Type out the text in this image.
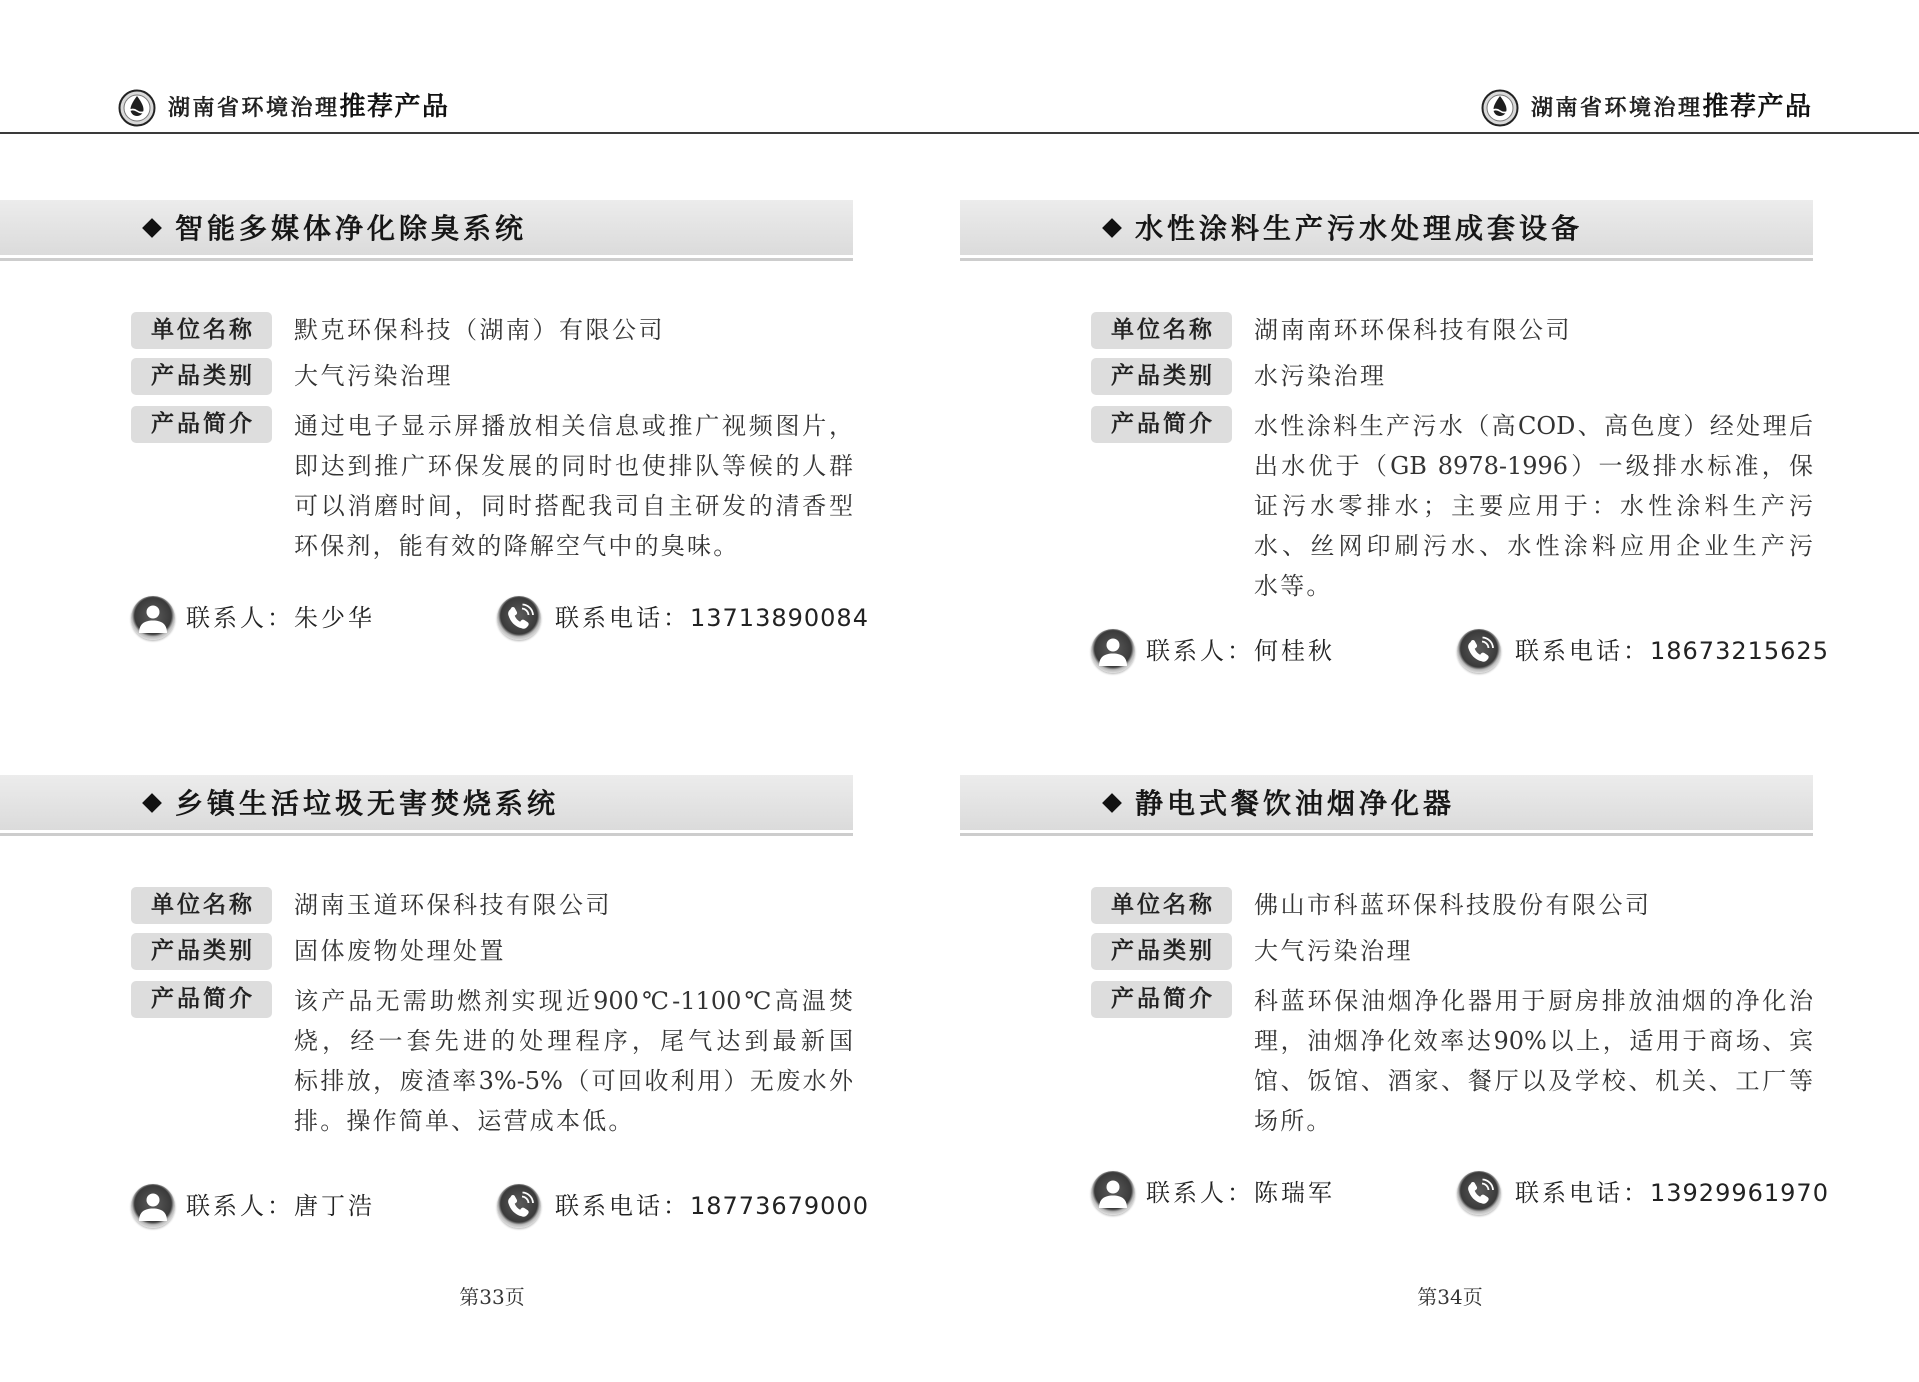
湖南省环境治理推荐产品	湖南省环境治理推荐产品
智能多媒体净化除臭系统
单位名称	默克环保科技（湖南）有限公司
产品类别	大气污染治理
产品简介	通过电子显示屏播放相关信息或推广视频图片，
即达到推广环保发展的同时也使排队等候的人群
可以消磨时间，同时搭配我司自主研发的清香型
环保剂，能有效的降解空气中的臭味。
联系人：朱少华	联系电话：13713890084
水性涂料生产污水处理成套设备
单位名称	湖南南环环保科技有限公司
产品类别	水污染治理
产品简介	水性涂料生产污水（高COD、高色度）经处理后
出水优于（GB 8978-1996）一级排水标准，保
证污水零排水；主要应用于：水性涂料生产污
水、丝网印刷污水、水性涂料应用企业生产污
水等。
联系人：何桂秋	联系电话：18673215625
乡镇生活垃圾无害焚烧系统
单位名称	湖南玉道环保科技有限公司
产品类别	固体废物处理处置
产品简介	该产品无需助燃剂实现近900℃-1100℃高温焚
烧，经一套先进的处理程序，尾气达到最新国
标排放，废渣率3%-5%（可回收利用）无废水外
排。操作简单、运营成本低。
联系人：唐丁浩	联系电话：18773679000
静电式餐饮油烟净化器
单位名称	佛山市科蓝环保科技股份有限公司
产品类别	大气污染治理
产品简介	科蓝环保油烟净化器用于厨房排放油烟的净化治
理，油烟净化效率达90%以上，适用于商场、宾
馆、饭馆、酒家、餐厅以及学校、机关、工厂等
场所。
联系人：陈瑞军	联系电话：13929961970
第33页	第34页
